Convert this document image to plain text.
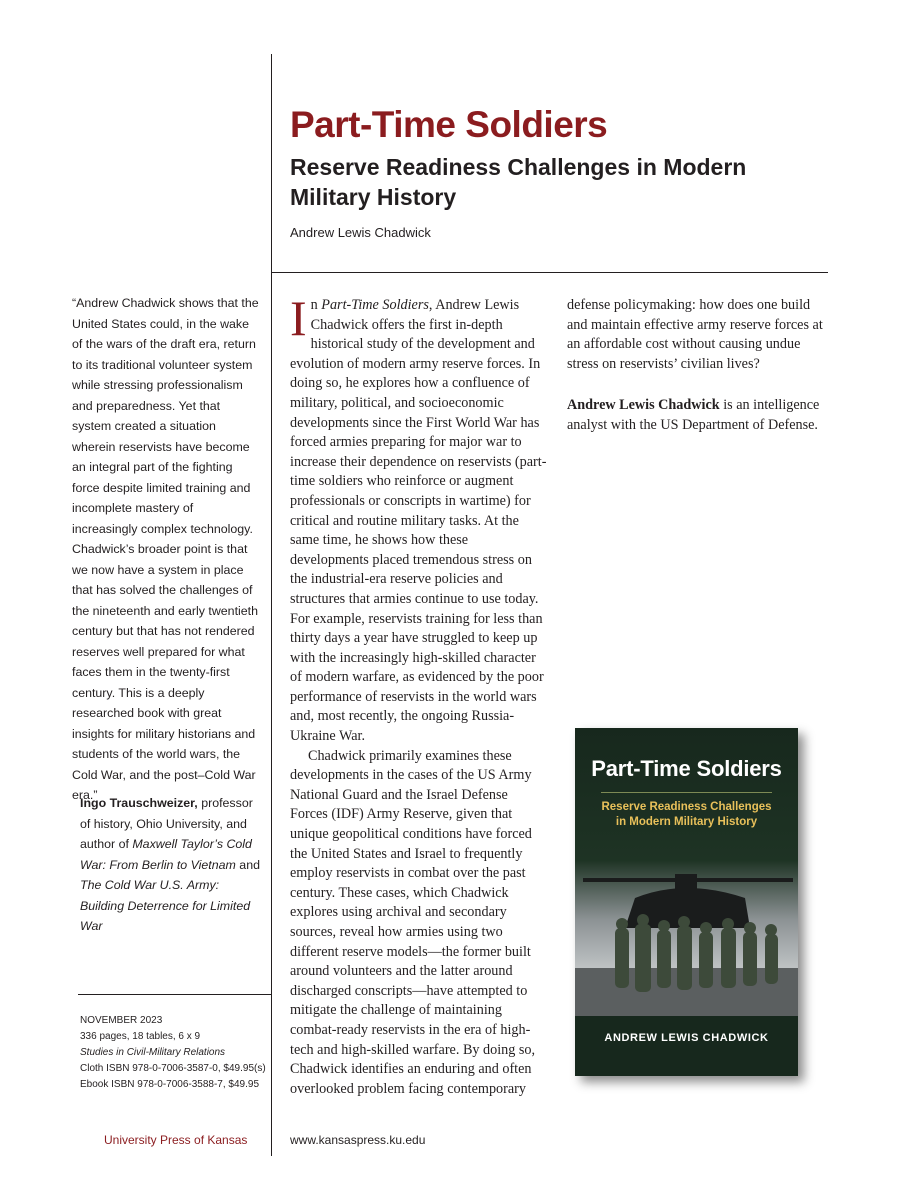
Part-Time Soldiers
Reserve Readiness Challenges in Modern Military History
Andrew Lewis Chadwick

“Andrew Chadwick shows that the United States could, in the wake of the wars of the draft era, return to its traditional volunteer system while stressing professionalism and preparedness. Yet that system created a situation wherein reservists have become an integral part of the fighting force despite limited training and incomplete mastery of increasingly complex technology. Chadwick’s broader point is that we now have a system in place that has solved the challenges of the nineteenth and early twentieth century but that has not rendered reserves well prepared for what faces them in the twenty-first century. This is a deeply researched book with great insights for military historians and students of the world wars, the Cold War, and the post–Cold War era.”

Ingo Trauschweizer, professor of history, Ohio University, and author of Maxwell Taylor’s Cold War: From Berlin to Vietnam and The Cold War U.S. Army: Building Deterrence for Limited War

NOVEMBER 2023
336 pages, 18 tables, 6 x 9
Studies in Civil-Military Relations
Cloth ISBN 978-0-7006-3587-0, $49.95(s)
Ebook ISBN 978-0-7006-3588-7, $49.95

In Part-Time Soldiers, Andrew Lewis Chadwick offers the first in-depth historical study of the development and evolution of modern army reserve forces. In doing so, he explores how a confluence of military, political, and socioeconomic developments since the First World War has forced armies preparing for major war to increase their dependence on reservists (part-time soldiers who reinforce or augment professionals or conscripts in wartime) for critical and routine military tasks. At the same time, he shows how these developments placed tremendous stress on the industrial-era reserve policies and structures that armies continue to use today. For example, reservists training for less than thirty days a year have struggled to keep up with the increasingly high-skilled character of modern warfare, as evidenced by the poor performance of reservists in the world wars and, most recently, the ongoing Russia-Ukraine War.

Chadwick primarily examines these developments in the cases of the US Army National Guard and the Israel Defense Forces (IDF) Army Reserve, given that unique geopolitical conditions have forced the United States and Israel to frequently employ reservists in combat over the past century. These cases, which Chadwick explores using archival and secondary sources, reveal how armies using two different reserve models—the former built around volunteers and the latter around discharged conscripts—have attempted to mitigate the challenge of maintaining combat-ready reservists in the era of high-tech and high-skilled warfare. By doing so, Chadwick identifies an enduring and often overlooked problem facing contemporary

defense policymaking: how does one build and maintain effective army reserve forces at an affordable cost without causing undue stress on reservists’ civilian lives?

Andrew Lewis Chadwick is an intelligence analyst with the US Department of Defense.

Part-Time Soldiers
Reserve Readiness Challenges
in Modern Military History
ANDREW LEWIS CHADWICK
University Press of Kansas	www.kansaspress.ku.edu
